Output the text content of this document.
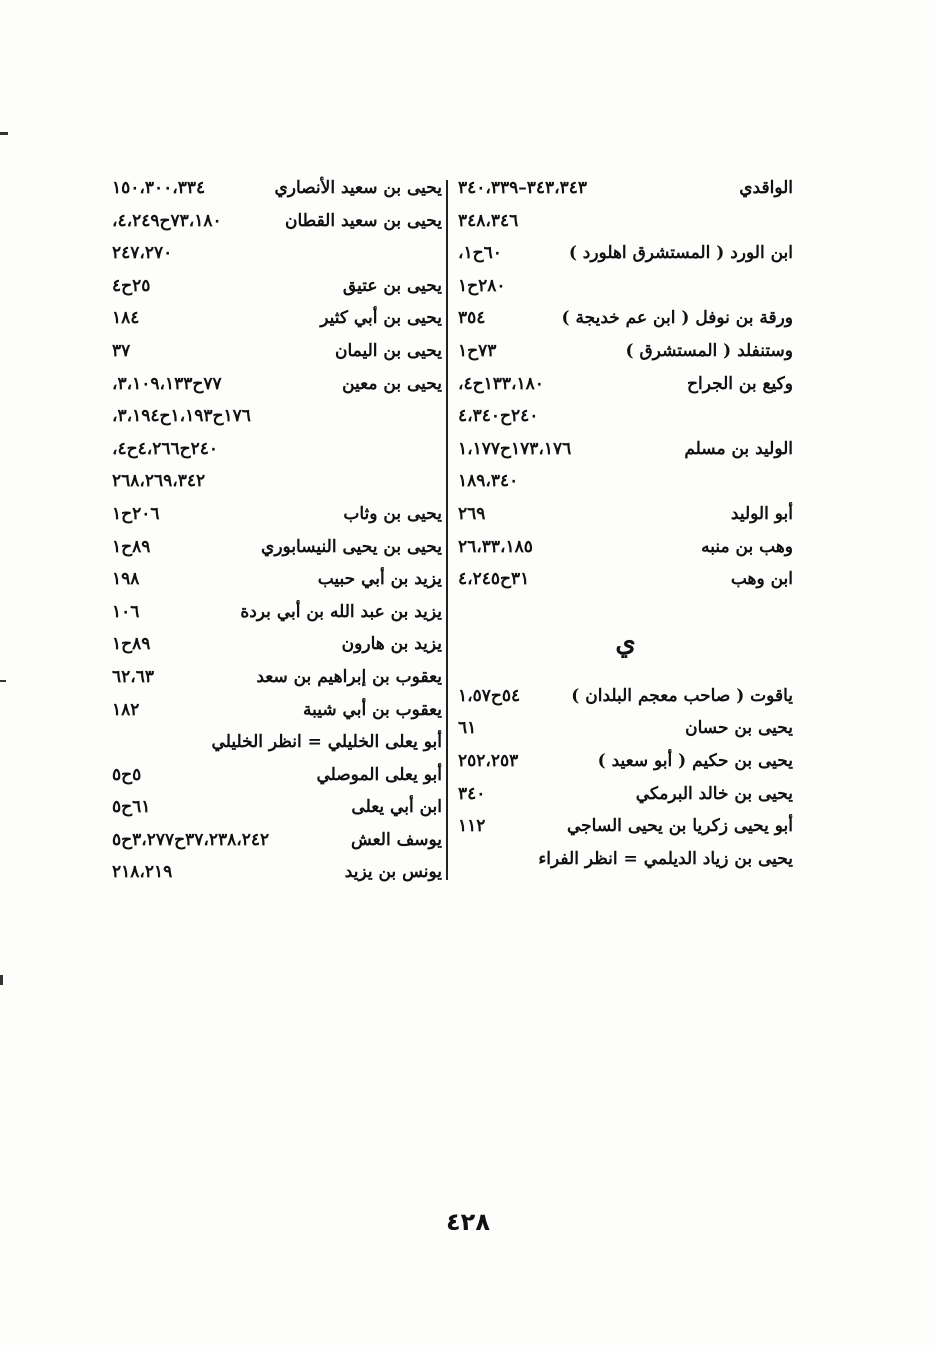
الواقدي
٣٤٣،٣٤٣–٣٤٠،٣٣٩
٣٤٨،٣٤٦
ابن الورد ( المستشرق اهلورد )
٦٠ح١،
٢٨٠ح١
ورقة بن نوفل ( ابن عم خديجة )
٣٥٤
وستنفلد ( المستشرق )
٧٣ح١
وكيع بن الجراح
١٣٣،١٨٠ح٤،
٢٤٠ح٤،٣٤٠
الوليد بن مسلم
١٧٣،١٧٦ح١،١٧٧
١٨٩،٣٤٠
أبو الوليد
٢٦٩
وهب بن منبه
٢٦،٣٣،١٨٥
ابن وهب
٣١ح٤،٢٤٥
ي
ياقوت ( صاحب معجم البلدان )
٥٤ح١،٥٧
يحيى بن حسان
٦١
يحيى بن حكيم ( أبو سعيد )
٢٥٢،٢٥٣
يحيى بن خالد البرمكي
٣٤٠
أبو يحيى زكريا بن يحيى الساجي
١١٢
يحيى بن زياد الديلمي = انظر الفراء
يحيى بن سعيد الأنصاري
١٥٠،٣٠٠،٣٣٤
يحيى بن سعيد القطان
٧٣،١٨٠ح٤،٢٤٩،
٢٤٧،٢٧٠
يحيى بن عتيق
٢٥ح٤
يحيى بن أبي كثير
١٨٤
يحيى بن اليمان
٣٧
يحيى بن معين
٧٧ح٣،١٠٩،١٣٣،
١٧٦ح١،١٩٣ح٣،١٩٤،
٢٤٠ح٤،٢٦٦ح٤،
٢٦٨،٢٦٩،٣٤٢
يحيى بن وثاب
٢٠٦ح١
يحيى بن يحيى النيسابوري
٨٩ح١
يزيد بن أبي حبيب
١٩٨
يزيد بن عبد الله بن أبي بردة
١٠٦
يزيد بن هارون
٨٩ح١
يعقوب بن إبراهيم بن سعد
٦٢،٦٣
يعقوب بن أبي شيبة
١٨٢
أبو يعلى الخليلي = انظر الخليلي
أبو يعلى الموصلي
٥ح٥
ابن أبي يعلى
٦١ح٥
يوسف العش
٣٧،٢٣٨،٢٤٢ح٣،٢٧٧ح٥
يونس بن يزيد
٢١٨،٢١٩
٤٢٨
